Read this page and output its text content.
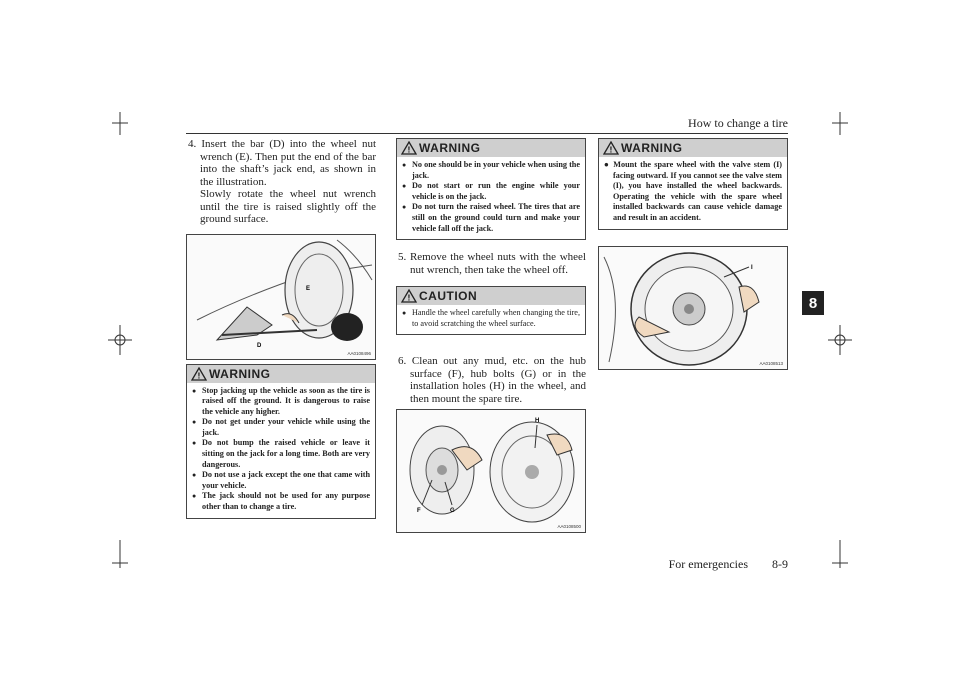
How to change a tire
For emergencies 8-9
8

4. Insert the bar (D) into the wheel nut wrench (E). Then put the end of the bar into the shaft’s jack end, as shown in the illustration.
Slowly rotate the wheel nut wrench until the tire is raised slightly off the ground surface.

E
D
AA0108496
! WARNING
● Stop jacking up the vehicle as soon as the tire is raised off the ground. It is dangerous to raise the vehicle any higher.
● Do not get under your vehicle while using the jack.
● Do not bump the raised vehicle or leave it sitting on the jack for a long time. Both are very dangerous.
● Do not use a jack except the one that came with your vehicle.
● The jack should not be used for any purpose other than to change a tire.
! WARNING
● No one should be in your vehicle when using the jack.
● Do not start or run the engine while your vehicle is on the jack.
● Do not turn the raised wheel. The tires that are still on the ground could turn and make your vehicle fall off the jack.

5. Remove the wheel nuts with the wheel nut wrench, then take the wheel off.

! CAUTION
● Handle the wheel carefully when changing the tire, to avoid scratching the wheel surface.

6. Clean out any mud, etc. on the hub surface (F), hub bolts (G) or in the installation holes (H) in the wheel, and then mount the spare tire.

F	G
H
AA0108500
! WARNING
● Mount the spare wheel with the valve stem (I) facing outward. If you cannot see the valve stem (I), you have installed the wheel backwards. Operating the vehicle with the spare wheel installed backwards can cause vehicle damage and result in an accident.
I
AA0108513
